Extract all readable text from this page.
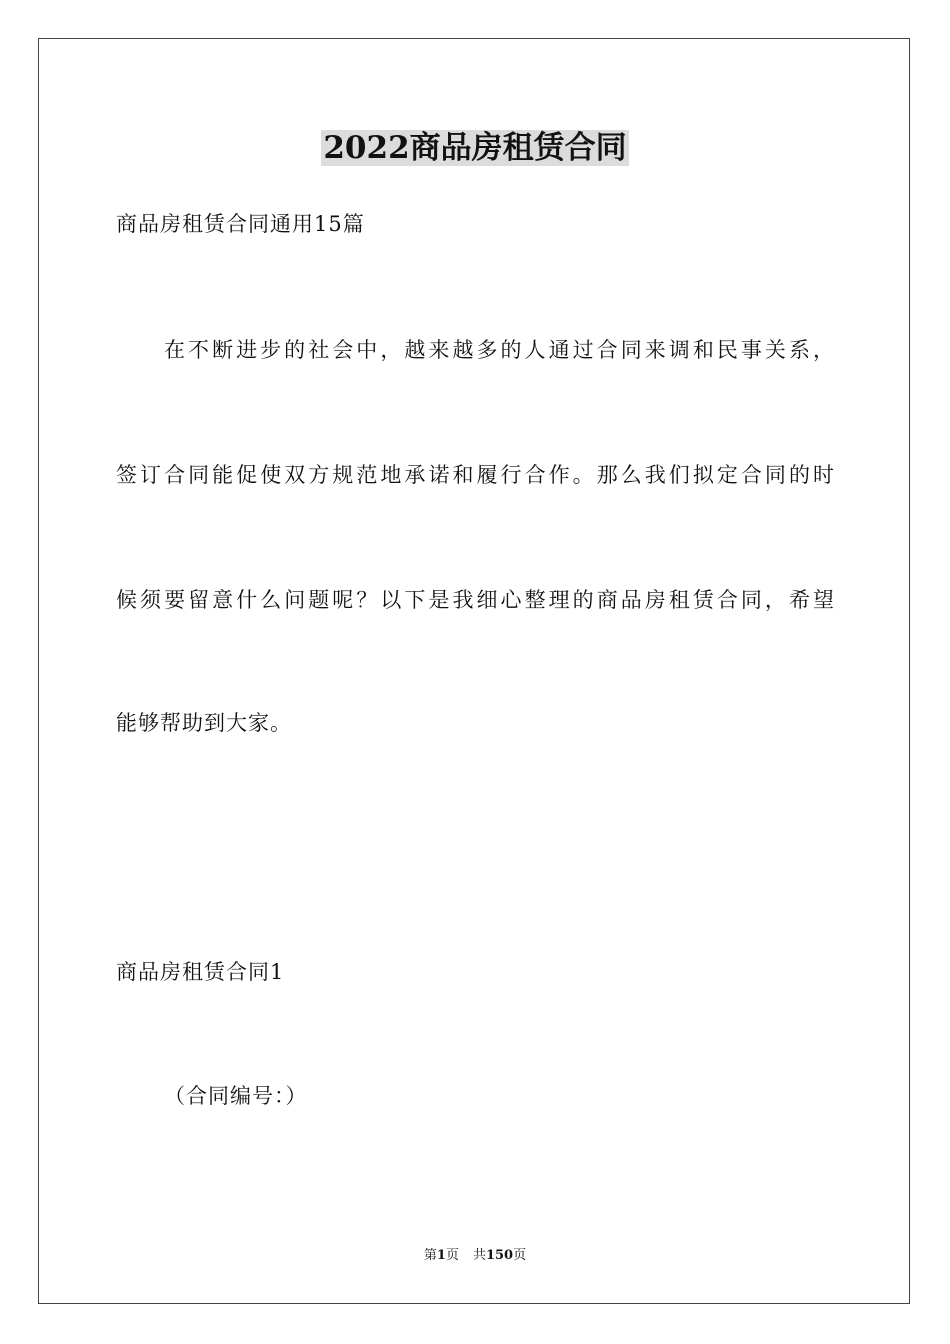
2022商品房租赁合同
商品房租赁合同通用15篇
在不断进步的社会中，越来越多的人通过合同来调和民事关系，
签订合同能促使双方规范地承诺和履行合作。那么我们拟定合同的时
候须要留意什么问题呢？以下是我细心整理的商品房租赁合同，希望
能够帮助到大家。
商品房租赁合同1
（合同编号：）
第1页 共150页
